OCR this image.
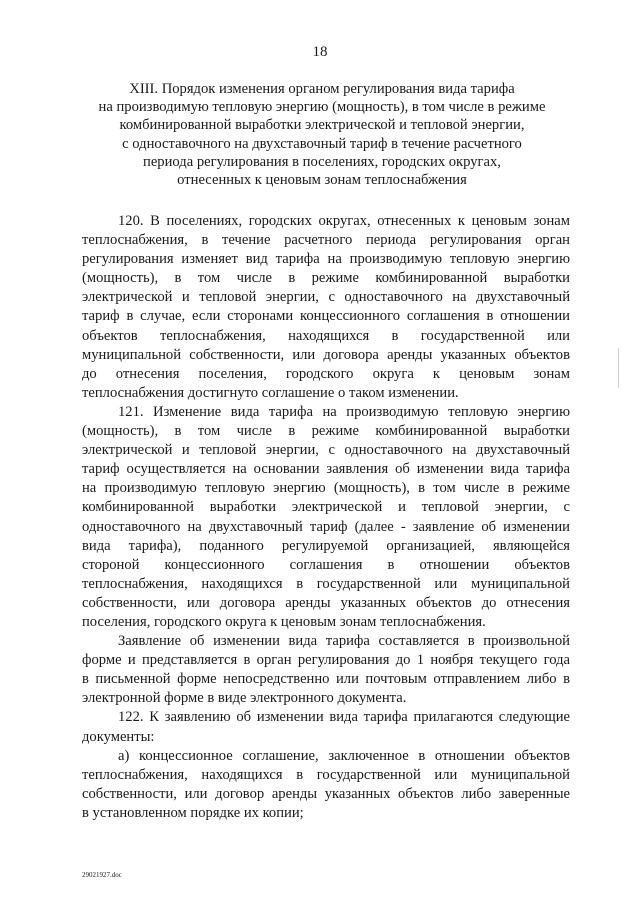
18
XIII. Порядок изменения органом регулирования вида тарифа
на производимую тепловую энергию (мощность), в том числе в режиме
комбинированной выработки электрической и тепловой энергии,
с одноставочного на двухставочный тариф в течение расчетного
периода регулирования в поселениях, городских округах,
отнесенных к ценовым зонам теплоснабжения
120. В поселениях, городских округах, отнесенных к ценовым зонам
теплоснабжения, в течение расчетного периода регулирования орган
регулирования изменяет вид тарифа на производимую тепловую энергию
(мощность), в том числе в режиме комбинированной выработки
электрической и тепловой энергии, с одноставочного на двухставочный
тариф в случае, если сторонами концессионного соглашения в отношении
объектов теплоснабжения, находящихся в государственной или
муниципальной собственности, или договора аренды указанных объектов
до отнесения поселения, городского округа к ценовым зонам
теплоснабжения достигнуто соглашение о таком изменении.
121. Изменение вида тарифа на производимую тепловую энергию
(мощность), в том числе в режиме комбинированной выработки
электрической и тепловой энергии, с одноставочного на двухставочный
тариф осуществляется на основании заявления об изменении вида тарифа
на производимую тепловую энергию (мощность), в том числе в режиме
комбинированной выработки электрической и тепловой энергии, с
одноставочного на двухставочный тариф (далее - заявление об изменении
вида тарифа), поданного регулируемой организацией, являющейся
стороной концессионного соглашения в отношении объектов
теплоснабжения, находящихся в государственной или муниципальной
собственности, или договора аренды указанных объектов до отнесения
поселения, городского округа к ценовым зонам теплоснабжения.
Заявление об изменении вида тарифа составляется в произвольной
форме и представляется в орган регулирования до 1 ноября текущего года
в письменной форме непосредственно или почтовым отправлением либо в
электронной форме в виде электронного документа.
122. К заявлению об изменении вида тарифа прилагаются следующие
документы:
а) концессионное соглашение, заключенное в отношении объектов
теплоснабжения, находящихся в государственной или муниципальной
собственности, или договор аренды указанных объектов либо заверенные
в установленном порядке их копии;
29021927.doc
